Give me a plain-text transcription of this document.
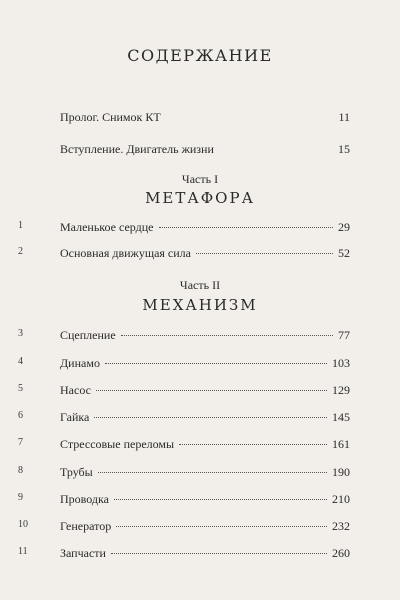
СОДЕРЖАНИЕ
Пролог. Снимок КТ	11
Вступление. Двигатель жизни	15
Часть I
МЕТАФОРА
1	Маленькое сердце	29
2	Основная движущая сила	52
Часть II
МЕХАНИЗМ
3	Сцепление	77
4	Динамо	103
5	Насос	129
6	Гайка	145
7	Стрессовые переломы	161
8	Трубы	190
9	Проводка	210
10	Генератор	232
11	Запчасти	260
